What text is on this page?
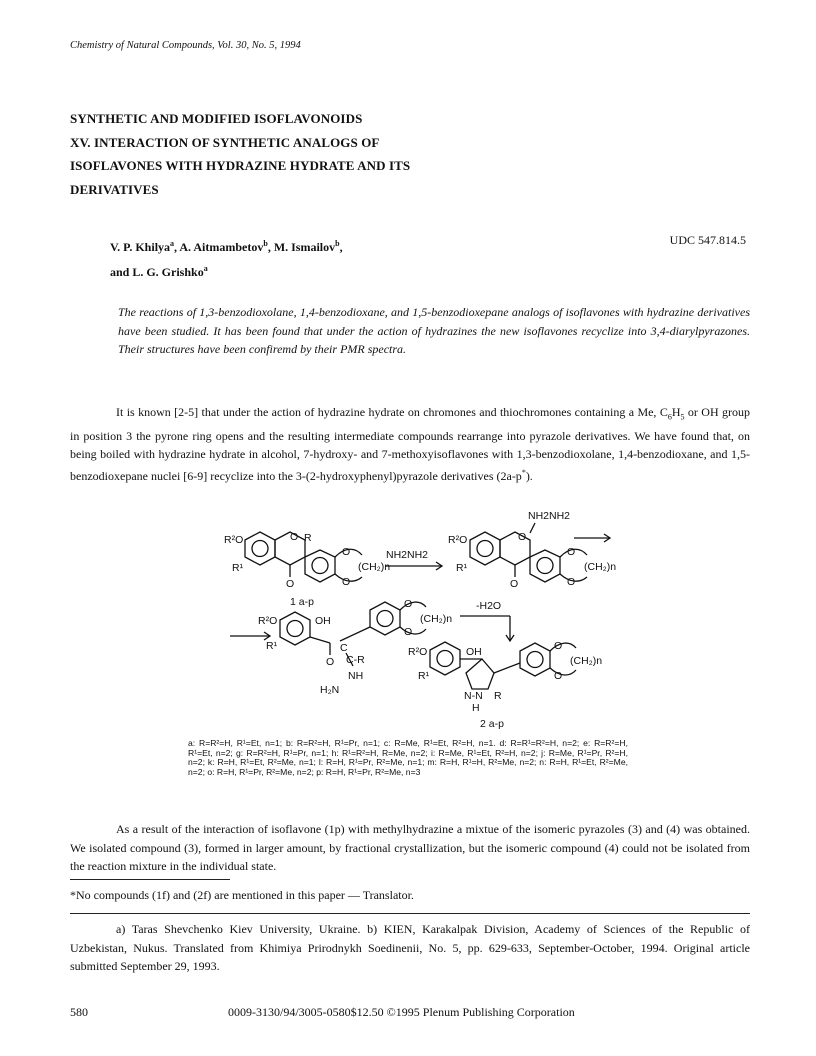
Chemistry of Natural Compounds, Vol. 30, No. 5, 1994
SYNTHETIC AND MODIFIED ISOFLAVONOIDS
XV. INTERACTION OF SYNTHETIC ANALOGS OF
ISOFLAVONES WITH HYDRAZINE HYDRATE AND ITS
DERIVATIVES
V. P. Khilya$^a$, A. Aitmambetov$^b$, M. Ismailov$^b$,
and L. G. Grishko$^a$
UDC 547.814.5
The reactions of 1,3-benzodioxolane, 1,4-benzodioxane, and 1,5-benzodioxepane analogs of isoflavones with hydrazine derivatives have been studied. It has been found that under the action of hydrazines the new isoflavones recyclize into 3,4-diarylpyrazones. Their structures have been confiremd by their PMR spectra.

It is known [2-5] that under the action of hydrazine hydrate on chromones and thiochromones containing a Me, $C_6H_5$ or OH group in position 3 the pyrone ring opens and the resulting intermediate compounds rearrange into pyrazole derivatives. We have found that, on being boiled with hydrazine hydrate in alcohol, 7-hydroxy- and 7-methoxyisoflavones with 1,3-benzodioxolane, 1,4-benzodioxane, and 1,5-benzodioxepane nuclei [6-9] recyclize into the 3-(2-hydroxyphenyl)pyrazole derivatives (2a-p*).

R²O
R¹
O R
O
O
O
(CH₂)n
NH2NH2
R²O
R¹
O
O
NH2NH2
O
O
(CH₂)n
1 a-p
R²O
R¹
OH
O
C
C-R
NH
H₂N
O
O
(CH₂)n
-H2O
R²O
R¹
OH
N-N
H
R
O
O
(CH₂)n
2 a-p
a: R=R²=H, R¹=Et, n=1; b: R=R²=H, R¹=Pr, n=1; c: R=Me, R¹=Et, R²=H, n=1. d: R=R¹=R²=H, n=2; e: R=R²=H, R¹=Et, n=2; g: R=R²=H, R¹=Pr, n=1; h: R¹=R²=H, R=Me, n=2; i: R=Me, R¹=Et, R²=H, n=2; j: R=Me, R¹=Pr, R²=H, n=2; k: R=H, R¹=Et, R²=Me, n=1; l: R=H, R¹=Pr, R²=Me, n=1; m: R=H, R¹=H, R²=Me, n=2; n: R=H, R¹=Et, R²=Me, n=2; o: R=H, R¹=Pr, R²=Me, n=2; p: R=H, R¹=Pr, R²=Me, n=3

As a result of the interaction of isoflavone (1p) with methylhydrazine a mixtue of the isomeric pyrazoles (3) and (4) was obtained. We isolated compound (3), formed in larger amount, by fractional crystallization, but the isomeric compound (4) could not be isolated from the reaction mixture in the individual state.

*No compounds (1f) and (2f) are mentioned in this paper — Translator.

a) Taras Shevchenko Kiev University, Ukraine. b) KIEN, Karakalpak Division, Academy of Sciences of the Republic of Uzbekistan, Nukus. Translated from Khimiya Prirodnykh Soedinenii, No. 5, pp. 629-633, September-October, 1994. Original article submitted September 29, 1993.

580	0009-3130/94/3005-0580$12.50 ©1995 Plenum Publishing Corporation
